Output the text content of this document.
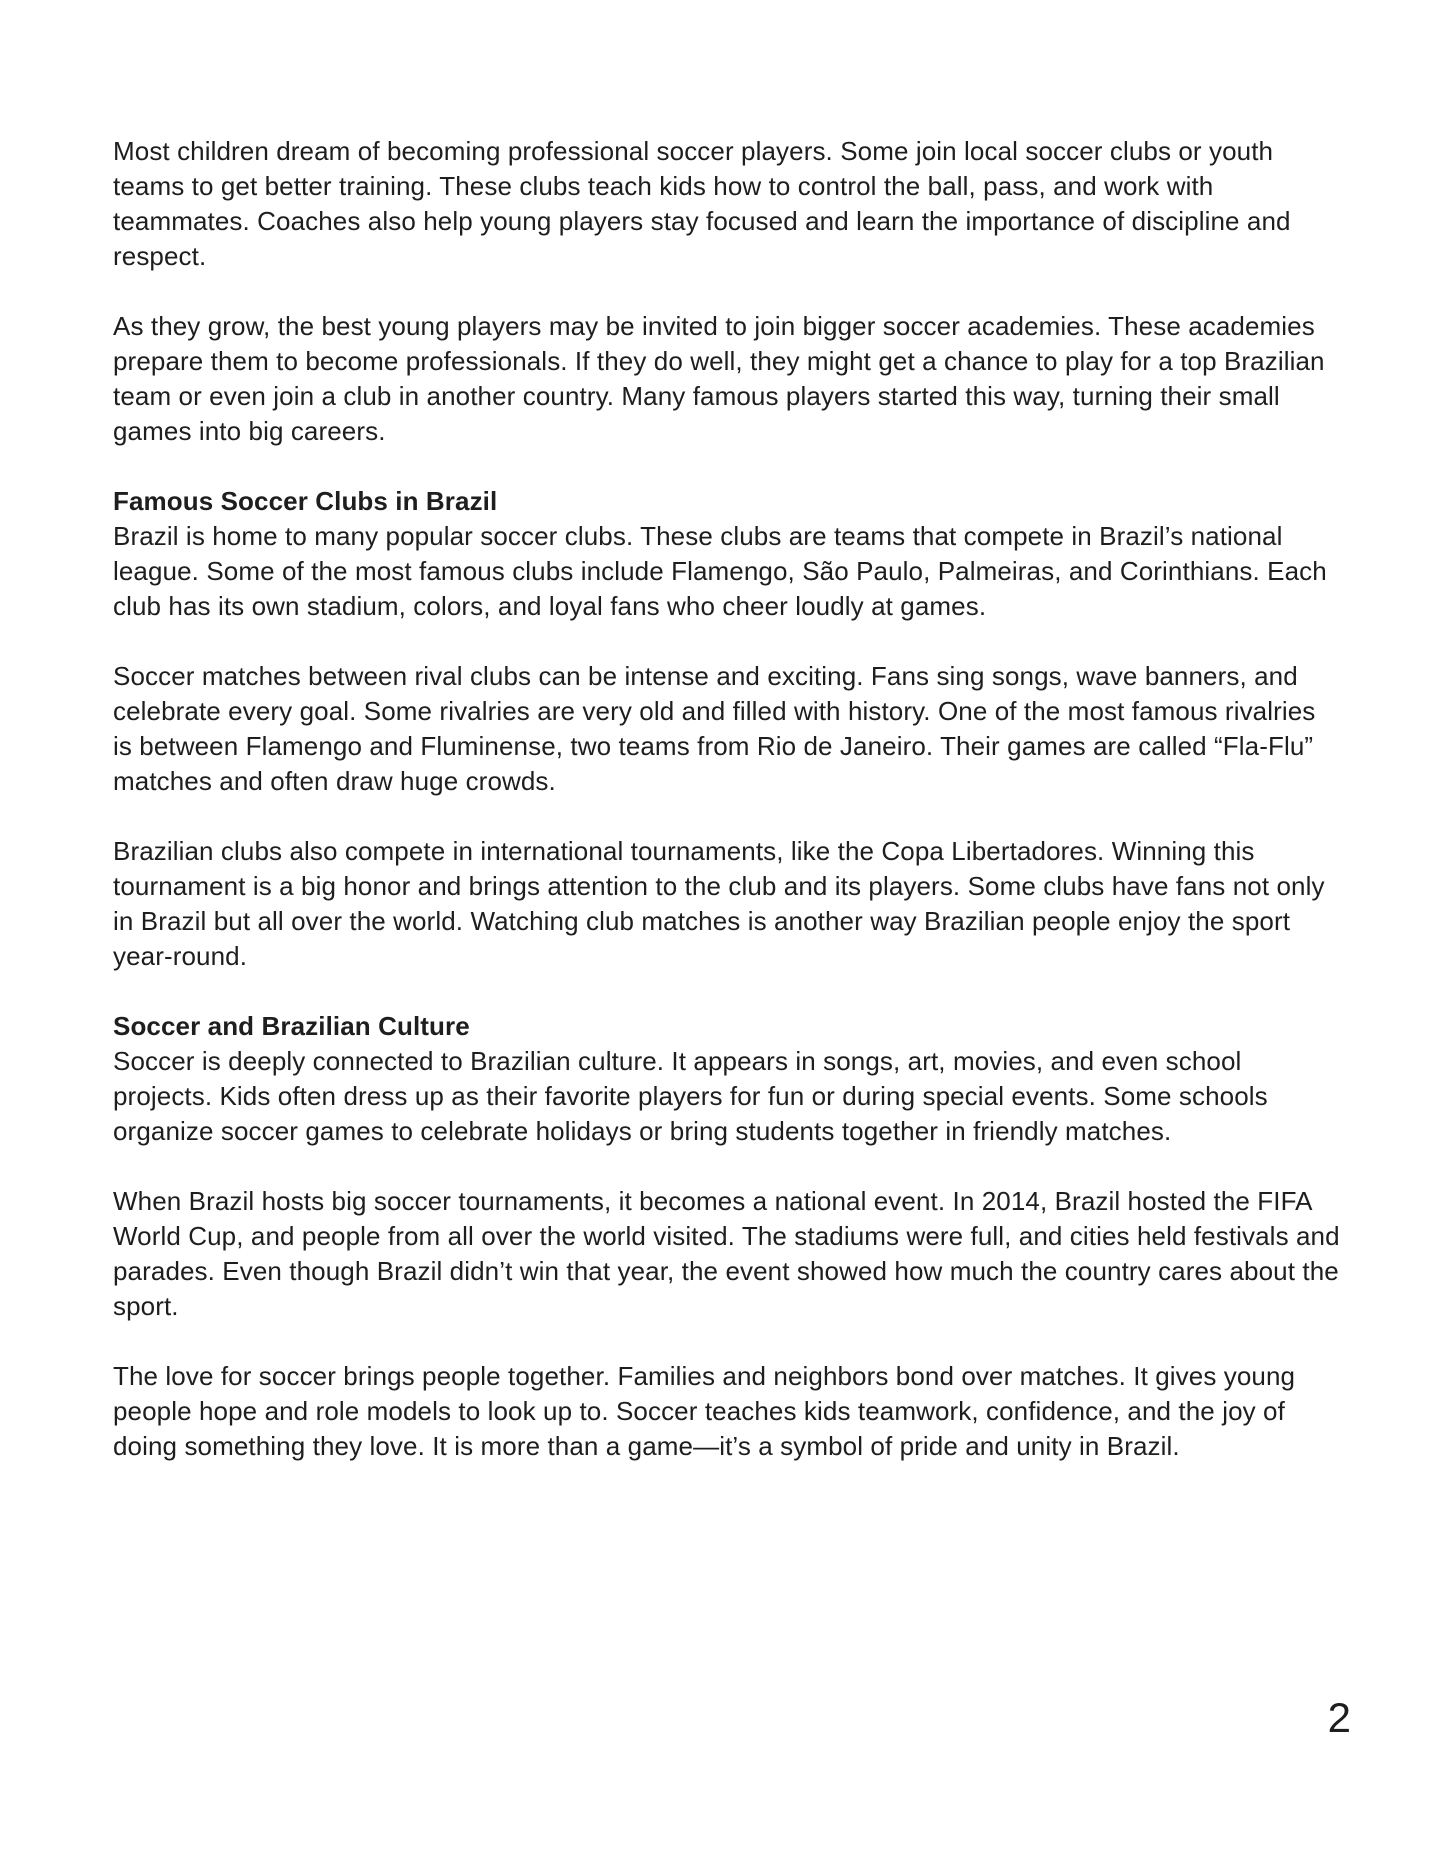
Most children dream of becoming professional soccer players. Some join local soccer clubs or youth teams to get better training. These clubs teach kids how to control the ball, pass, and work with teammates. Coaches also help young players stay focused and learn the importance of discipline and respect.

As they grow, the best young players may be invited to join bigger soccer academies. These academies prepare them to become professionals. If they do well, they might get a chance to play for a top Brazilian team or even join a club in another country. Many famous players started this way, turning their small games into big careers.

Famous Soccer Clubs in Brazil

Brazil is home to many popular soccer clubs. These clubs are teams that compete in Brazil’s national league. Some of the most famous clubs include Flamengo, São Paulo, Palmeiras, and Corinthians. Each club has its own stadium, colors, and loyal fans who cheer loudly at games.

Soccer matches between rival clubs can be intense and exciting. Fans sing songs, wave banners, and celebrate every goal. Some rivalries are very old and filled with history. One of the most famous rivalries is between Flamengo and Fluminense, two teams from Rio de Janeiro. Their games are called “Fla-Flu” matches and often draw huge crowds.

Brazilian clubs also compete in international tournaments, like the Copa Libertadores. Winning this tournament is a big honor and brings attention to the club and its players. Some clubs have fans not only in Brazil but all over the world. Watching club matches is another way Brazilian people enjoy the sport year-round.

Soccer and Brazilian Culture

Soccer is deeply connected to Brazilian culture. It appears in songs, art, movies, and even school projects. Kids often dress up as their favorite players for fun or during special events. Some schools organize soccer games to celebrate holidays or bring students together in friendly matches.

When Brazil hosts big soccer tournaments, it becomes a national event. In 2014, Brazil hosted the FIFA World Cup, and people from all over the world visited. The stadiums were full, and cities held festivals and parades. Even though Brazil didn’t win that year, the event showed how much the country cares about the sport.

The love for soccer brings people together. Families and neighbors bond over matches. It gives young people hope and role models to look up to. Soccer teaches kids teamwork, confidence, and the joy of doing something they love. It is more than a game—it’s a symbol of pride and unity in Brazil.

2
